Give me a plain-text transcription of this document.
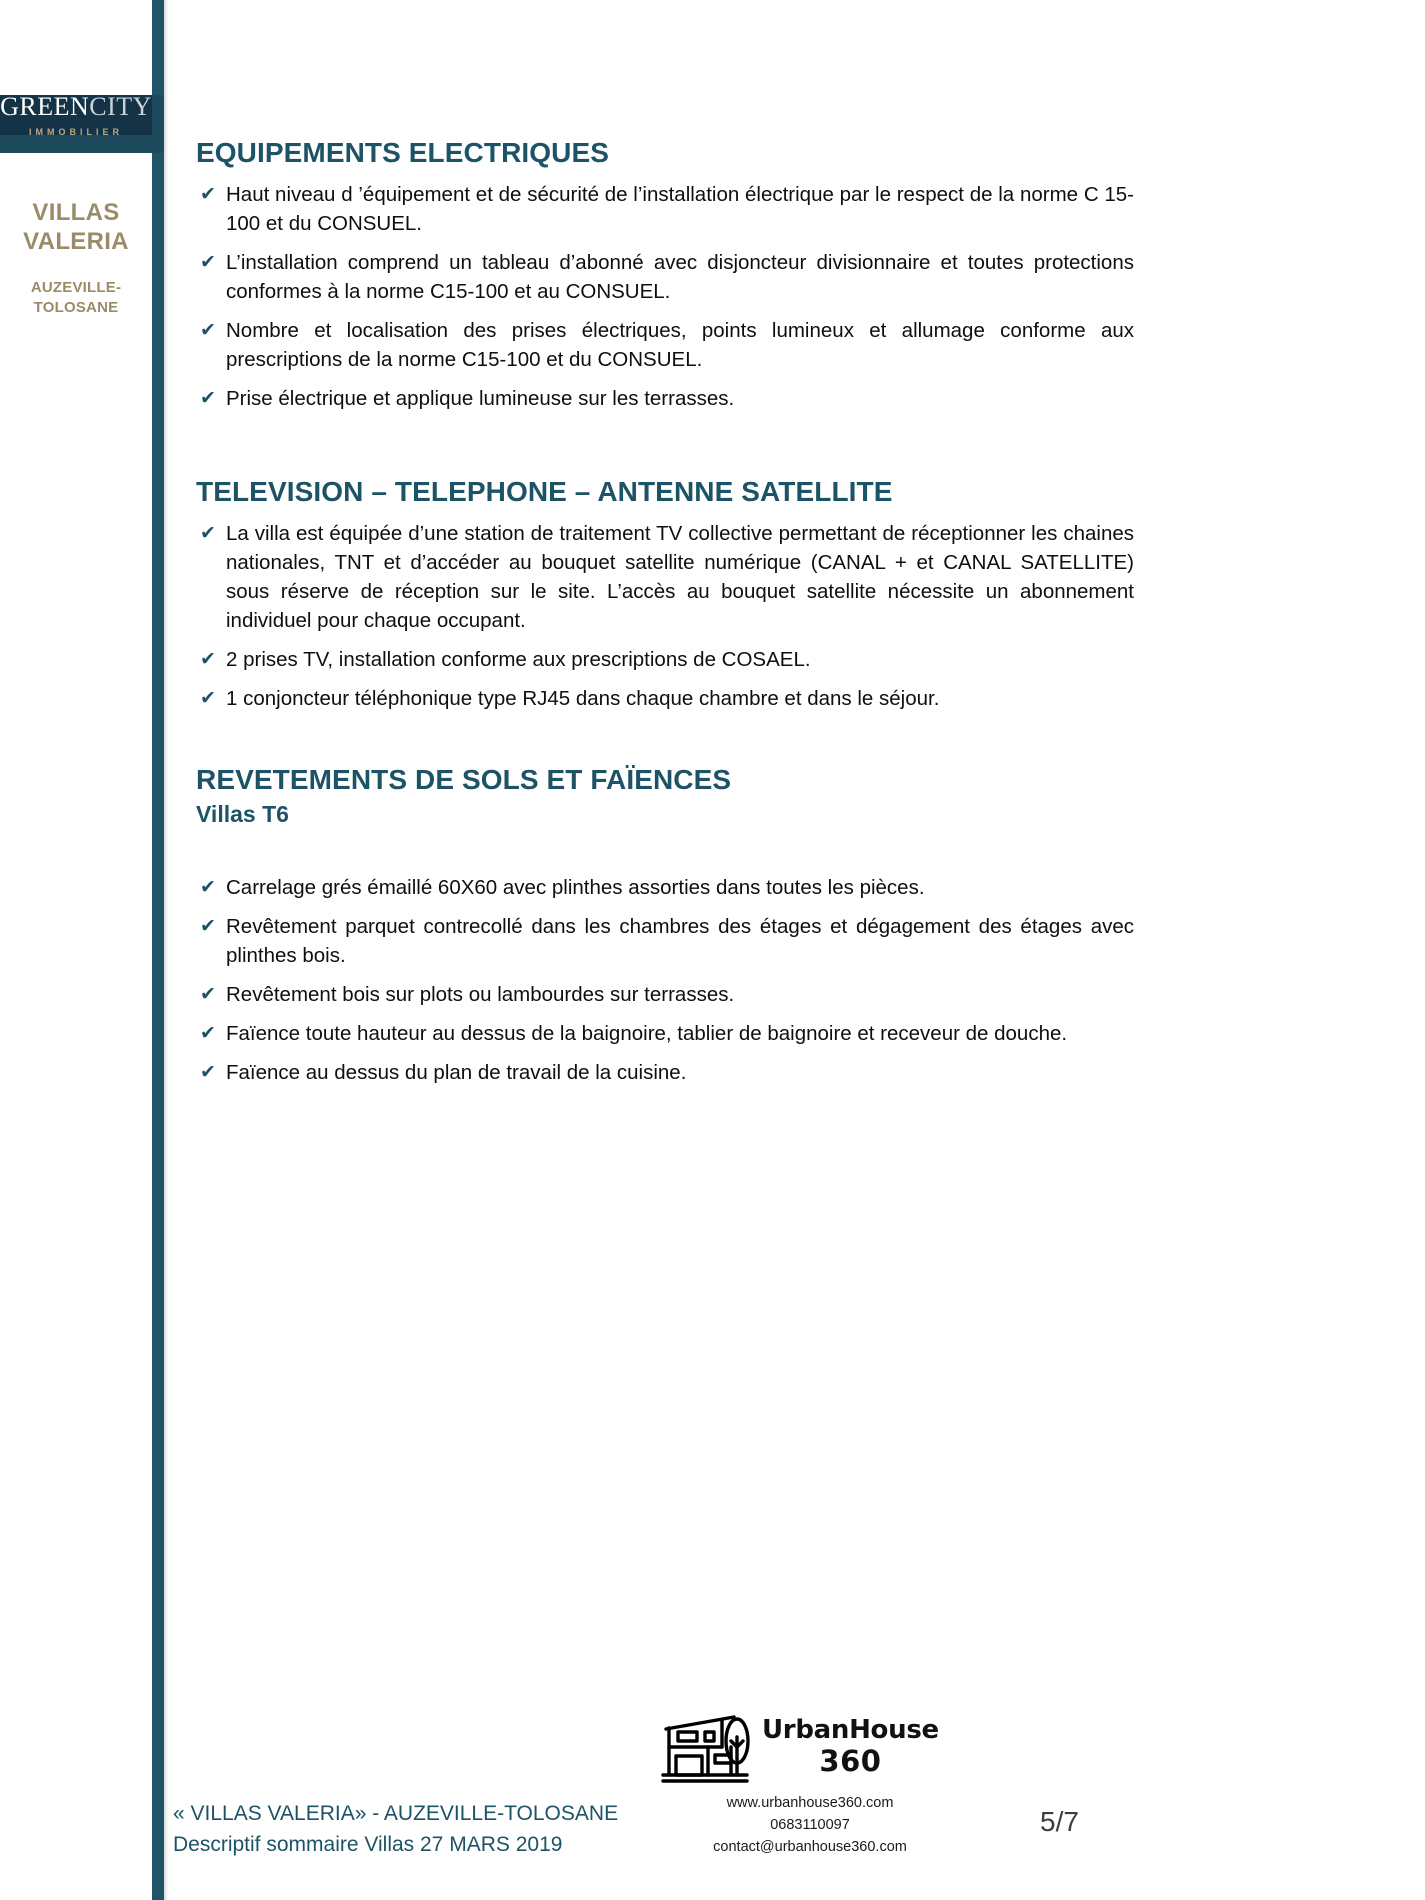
GREENCITY
IMMOBILIER
VILLAS
VALERIA
AUZEVILLE-
TOLOSANE
EQUIPEMENTS ELECTRIQUES
✔ Haut niveau d ’équipement et de sécurité de l’installation électrique par le respect de la norme C 15-100 et du CONSUEL.
✔ L’installation comprend un tableau d’abonné avec disjoncteur divisionnaire et toutes protections conformes à la norme C15-100 et au CONSUEL.
✔ Nombre et localisation des prises électriques, points lumineux et allumage conforme aux prescriptions de la norme C15-100 et du CONSUEL.
✔ Prise électrique et applique lumineuse sur les terrasses.
TELEVISION – TELEPHONE – ANTENNE SATELLITE
✔ La villa est équipée d’une station de traitement TV collective permettant de réceptionner les chaines nationales, TNT et d’accéder au bouquet satellite numérique (CANAL + et CANAL SATELLITE) sous réserve de réception sur le site. L’accès au bouquet satellite nécessite un abonnement individuel pour chaque occupant.
✔ 2 prises TV, installation conforme aux prescriptions de COSAEL.
✔ 1 conjoncteur téléphonique type RJ45 dans chaque chambre et dans le séjour.
REVETEMENTS DE SOLS ET FAÏENCES
Villas T6
✔ Carrelage grés émaillé 60X60 avec plinthes assorties dans toutes les pièces.
✔ Revêtement parquet contrecollé dans les chambres des étages et dégagement des étages avec plinthes bois.
✔ Revêtement bois sur plots ou lambourdes sur terrasses.
✔ Faïence toute hauteur au dessus de la baignoire, tablier de baignoire et receveur de douche.
✔ Faïence au dessus du plan de travail de la cuisine.
UrbanHouse
360
www.urbanhouse360.com
0683110097
contact@urbanhouse360.com
« VILLAS VALERIA» - AUZEVILLE-TOLOSANE
Descriptif sommaire Villas 27 MARS 2019
5/7
